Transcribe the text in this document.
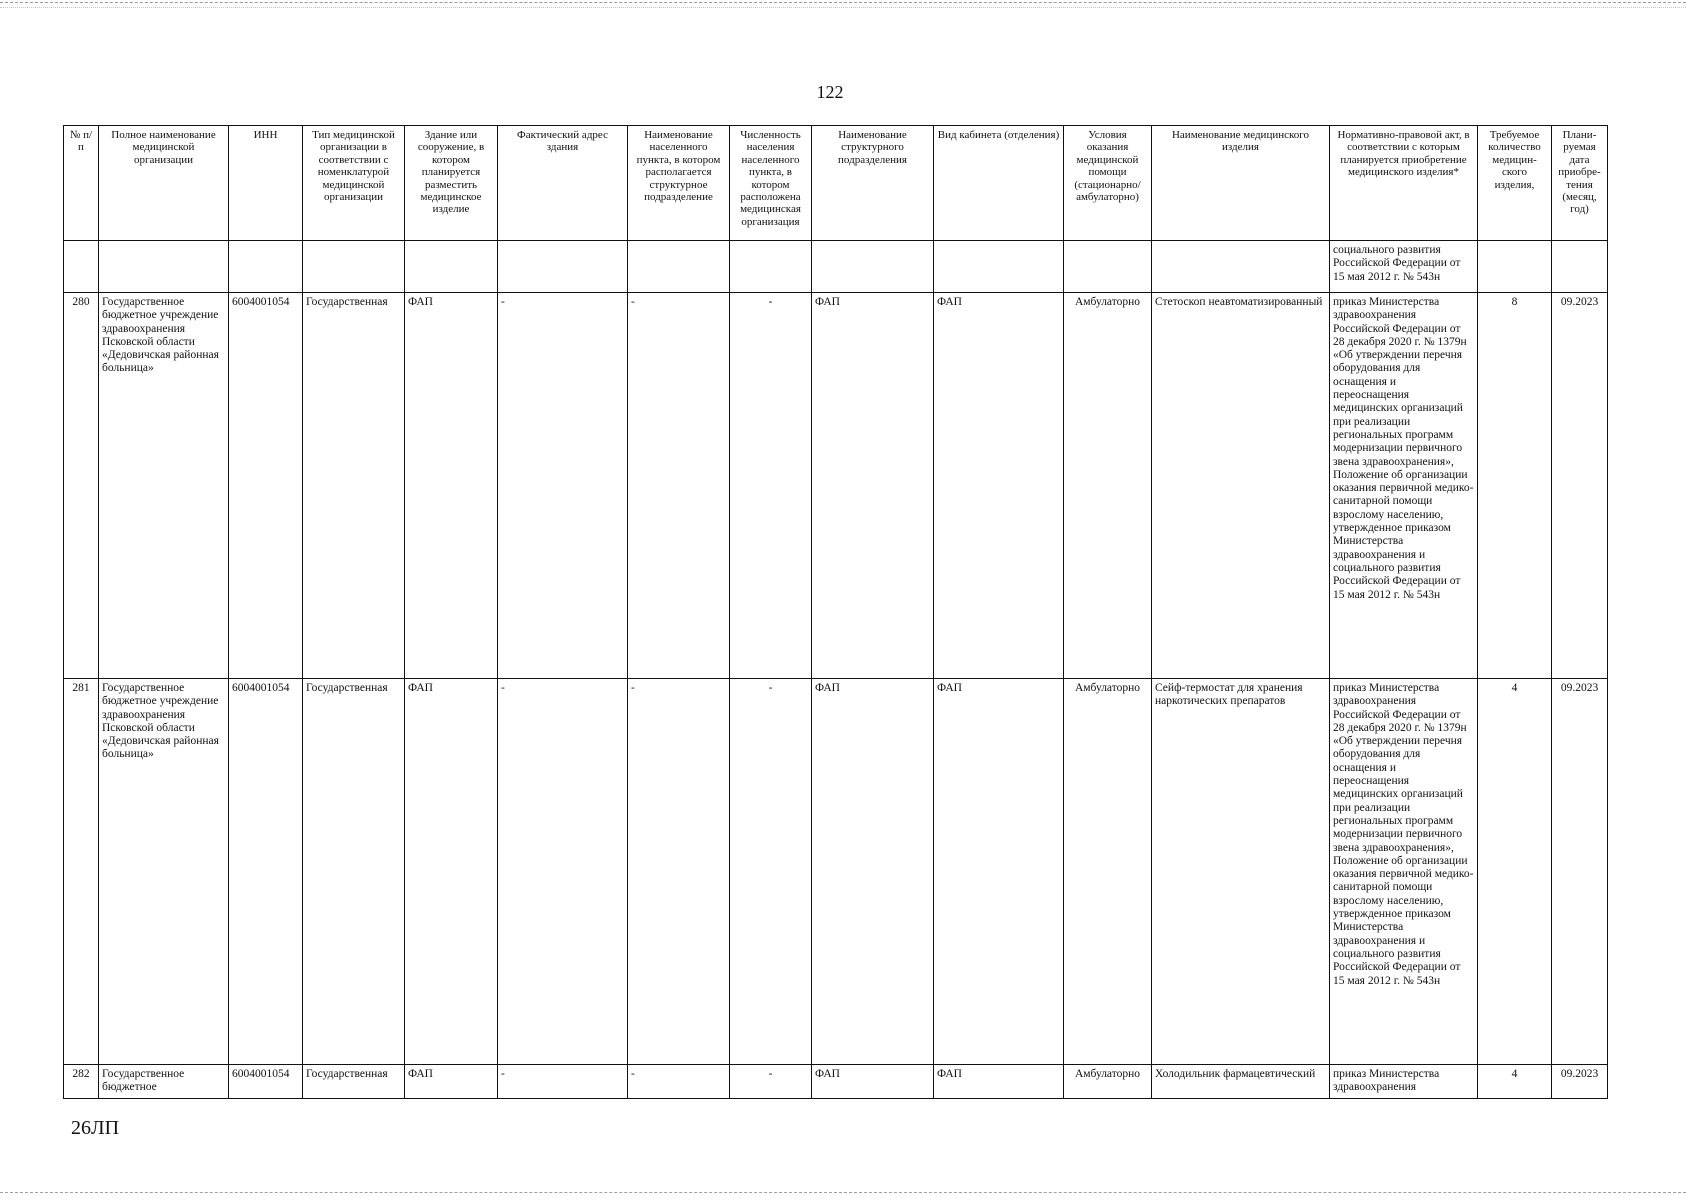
122
№ п/п	Полное наименование медицинской организации	ИНН	Тип медицинской организации в соответствии с номенклатурой медицинской организации	Здание или сооружение, в котором планируется разместить медицинское изделие	Фактический адрес здания	Наименование населенного пункта, в котором располагается структурное подразделение	Численность населения населенного пункта, в котором расположена медицинская организация	Наименование структурного подразделения	Вид кабинета (отделения)	Условия оказания медицинской помощи (стационарно/ амбулаторно)	Наименование медицинского изделия	Нормативно-правовой акт, в соответствии с которым планируется приобретение медицинского изделия*	Требуемое количество медицин-ского изделия,	Плани-руемая дата приобре-тения (месяц, год)
												социального развития Российской Федерации от 15 мая 2012 г. № 543н		
280	Государственное бюджетное учреждение здравоохранения Псковской области «Дедовичская районная больница»	6004001054	Государственная	ФАП	-	-	-	ФАП	ФАП	Амбулаторно	Стетоскоп неавтоматизированный	приказ Министерства здравоохранения Российской Федерации от 28 декабря 2020 г. № 1379н «Об утверждении перечня оборудования для оснащения и переоснащения медицинских организаций при реализации региональных программ модернизации первичного звена здравоохранения», Положение об организации оказания первичной медико-санитарной помощи взрослому населению, утвержденное приказом Министерства здравоохранения и социального развития Российской Федерации от 15 мая 2012 г. № 543н	8	09.2023
281	Государственное бюджетное учреждение здравоохранения Псковской области «Дедовичская районная больница»	6004001054	Государственная	ФАП	-	-	-	ФАП	ФАП	Амбулаторно	Сейф-термостат для хранения наркотических препаратов	приказ Министерства здравоохранения Российской Федерации от 28 декабря 2020 г. № 1379н «Об утверждении перечня оборудования для оснащения и переоснащения медицинских организаций при реализации региональных программ модернизации первичного звена здравоохранения», Положение об организации оказания первичной медико-санитарной помощи взрослому населению, утвержденное приказом Министерства здравоохранения и социального развития Российской Федерации от 15 мая 2012 г. № 543н	4	09.2023
282	Государственное бюджетное	6004001054	Государственная	ФАП	-	-	-	ФАП	ФАП	Амбулаторно	Холодильник фармацевтический	приказ Министерства здравоохранения	4	09.2023
26ЛП
